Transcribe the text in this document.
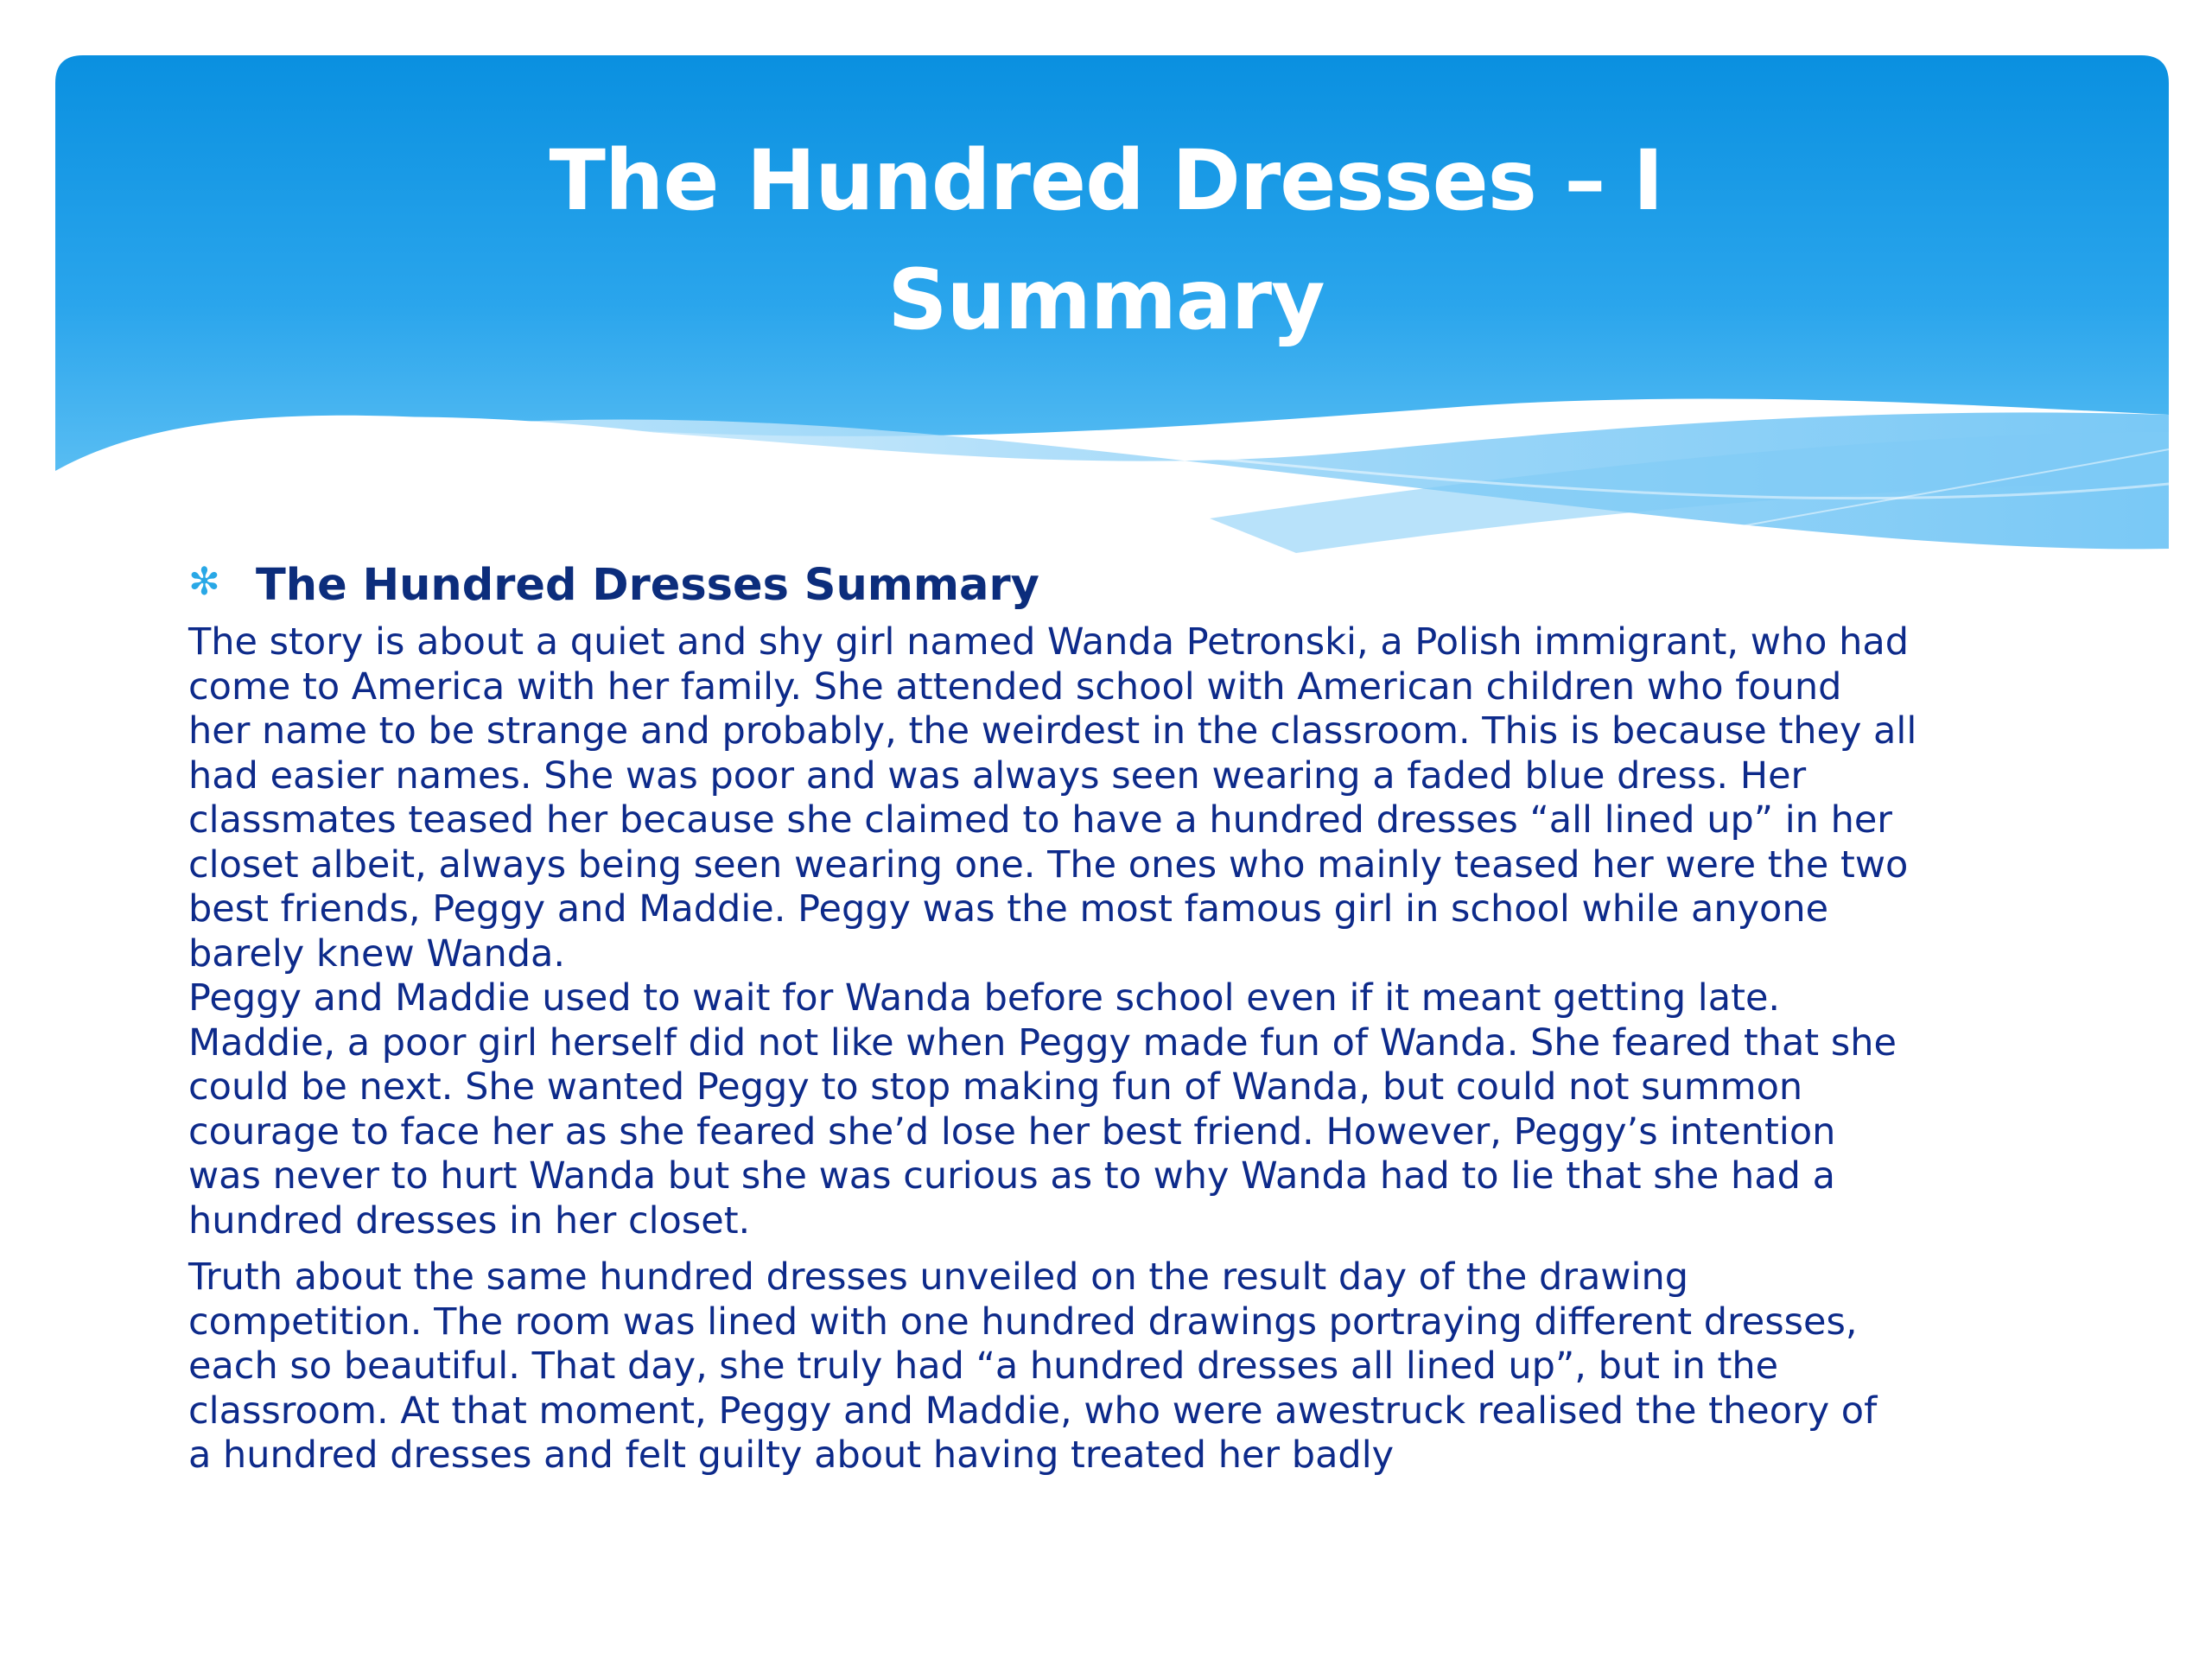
The Hundred Dresses – I
Summary
✻ The Hundred Dresses Summary

The story is about a quiet and shy girl named Wanda Petronski, a Polish immigrant, who had
come to America with her family. She attended school with American children who found
her name to be strange and probably, the weirdest in the classroom. This is because they all
had easier names. She was poor and was always seen wearing a faded blue dress. Her
classmates teased her because she claimed to have a hundred dresses “all lined up” in her
closet albeit, always being seen wearing one. The ones who mainly teased her were the two
best friends, Peggy and Maddie. Peggy was the most famous girl in school while anyone
barely knew Wanda.
Peggy and Maddie used to wait for Wanda before school even if it meant getting late.
Maddie, a poor girl herself did not like when Peggy made fun of Wanda. She feared that she
could be next. She wanted Peggy to stop making fun of Wanda, but could not summon
courage to face her as she feared she’d lose her best friend. However, Peggy’s intention
was never to hurt Wanda but she was curious as to why Wanda had to lie that she had a
hundred dresses in her closet.

Truth about the same hundred dresses unveiled on the result day of the drawing
competition. The room was lined with one hundred drawings portraying different dresses,
each so beautiful. That day, she truly had “a hundred dresses all lined up”, but in the
classroom. At that moment, Peggy and Maddie, who were awestruck realised the theory of
a hundred dresses and felt guilty about having treated her badly
